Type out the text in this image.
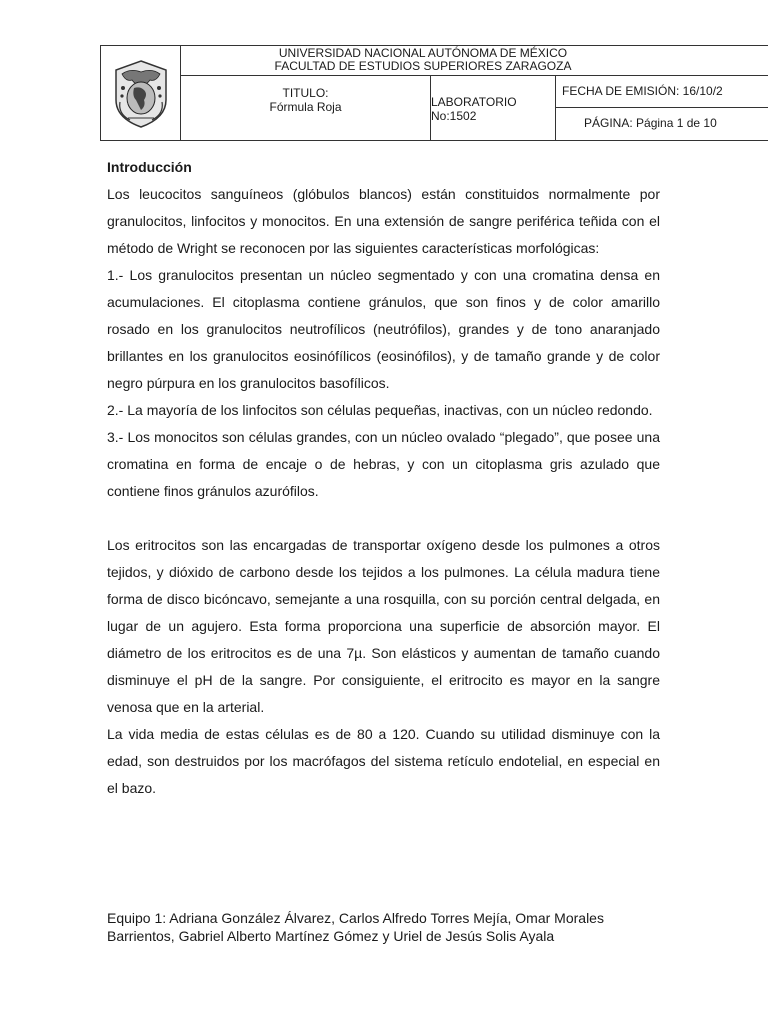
UNIVERSIDAD NACIONAL AUTÓNOMA DE MÉXICO
FACULTAD DE ESTUDIOS SUPERIORES ZARAGOZA
TITULO:
Fórmula Roja	LABORATORIO No:1502
FECHA DE EMISIÓN: 16/10/2
PÁGINA: Página 1 de 10
Introducción

Los leucocitos sanguíneos (glóbulos blancos) están constituidos normalmente por granulocitos, linfocitos y monocitos. En una extensión de sangre periférica teñida con el método de Wright se reconocen por las siguientes características morfológicas:

1.- Los granulocitos presentan un núcleo segmentado y con una cromatina densa en acumulaciones. El citoplasma contiene gránulos, que son finos y de color amarillo rosado en los granulocitos neutrofílicos (neutrófilos), grandes y de tono anaranjado brillantes en los granulocitos eosinófílicos (eosinófilos), y de tamaño grande y de color negro púrpura en los granulocitos basofílicos.

2.- La mayoría de los linfocitos son células pequeñas, inactivas, con un núcleo redondo.

3.- Los monocitos son células grandes, con un núcleo ovalado “plegado”, que posee una cromatina en forma de encaje o de hebras, y con un citoplasma gris azulado que contiene finos gránulos azurófilos.

Los eritrocitos son las encargadas de transportar oxígeno desde los pulmones a otros tejidos, y dióxido de carbono desde los tejidos a los pulmones. La célula madura tiene forma de disco bicóncavo, semejante a una rosquilla, con su porción central delgada, en lugar de un agujero. Esta forma proporciona una superficie de absorción mayor. El diámetro de los eritrocitos es de una 7µ. Son elásticos y aumentan de tamaño cuando disminuye el pH de la sangre. Por consiguiente, el eritrocito es mayor en la sangre venosa que en la arterial.

La vida media de estas células es de 80 a 120. Cuando su utilidad disminuye con la edad, son destruidos por los macrófagos del sistema retículo endotelial, en especial en el bazo.

Equipo 1: Adriana González Álvarez, Carlos Alfredo Torres Mejía, Omar Morales
Barrientos, Gabriel Alberto Martínez Gómez y Uriel de Jesús Solis Ayala
